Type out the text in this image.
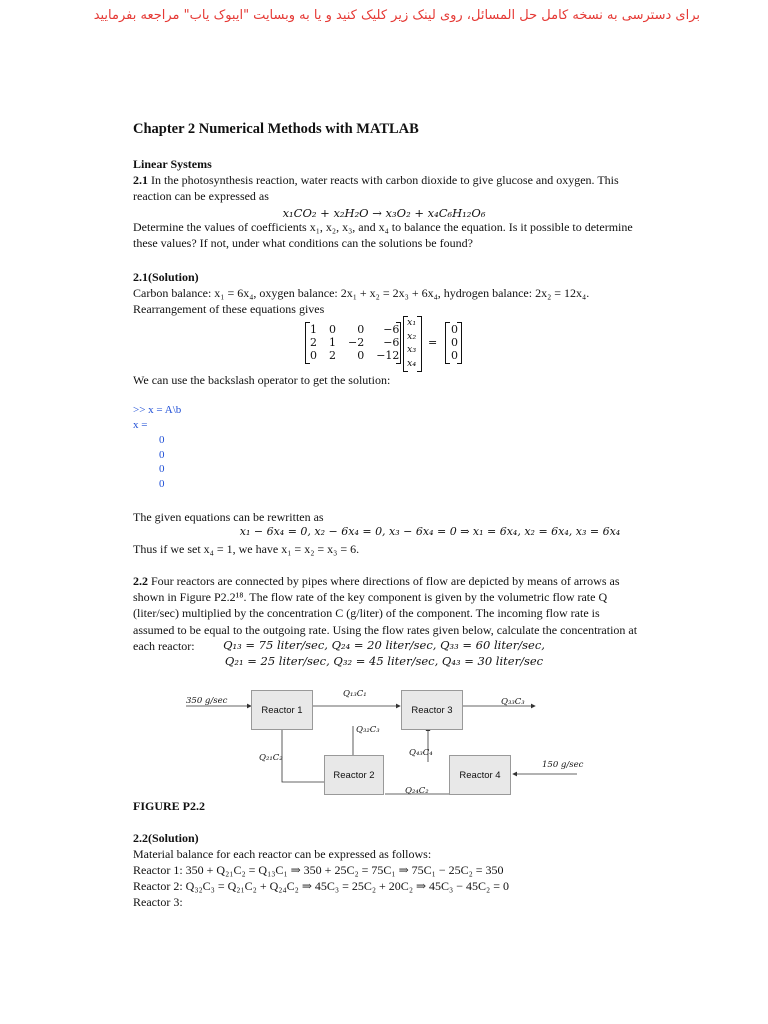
برای دسترسی به نسخه کامل حل المسائل، روی لینک زیر کلیک کنید و یا به وبسایت "ایبوک یاب" مراجعه بفرمایید
Chapter 2 Numerical Methods with MATLAB
Linear Systems
2.1 In the photosynthesis reaction, water reacts with carbon dioxide to give glucose and oxygen. This reaction can be expressed as
x₁CO₂ + x₂H₂O → x₃O₂ + x₄C₆H₁₂O₆
Determine the values of coefficients x₁, x₂, x₃, and x₄ to balance the equation. Is it possible to determine these values? If not, under what conditions can the solutions be found?
2.1(Solution)
Carbon balance: x₁ = 6x₄, oxygen balance: 2x₁ + x₂ = 2x₃ + 6x₄, hydrogen balance: 2x₂ = 12x₄.
Rearrangement of these equations gives
1	0	0	−6
2	1	−2	−6
0	2	0	−12
x₁
x₂
x₃
x₄
=
0
0
0
We can use the backslash operator to get the solution:
>> x = A\b
x =
0
0
0
0
The given equations can be rewritten as
x₁ − 6x₄ = 0, x₂ − 6x₄ = 0, x₃ − 6x₄ = 0 ⇒ x₁ = 6x₄, x₂ = 6x₄, x₃ = 6x₄
Thus if we set x₄ = 1, we have x₁ = x₂ = x₃ = 6.
2.2 Four reactors are connected by pipes where directions of flow are depicted by means of arrows as shown in Figure P2.2¹⁸. The flow rate of the key component is given by the volumetric flow rate Q (liter/sec) multiplied by the concentration C (g/liter) of the component. The incoming flow rate is assumed to be equal to the outgoing rate. Using the flow rates given below, calculate the concentration at each reactor:	Q₁₃ = 75 liter/sec, Q₂₄ = 20 liter/sec, Q₃₃ = 60 liter/sec,
Q₂₁ = 25 liter/sec, Q₃₂ = 45 liter/sec, Q₄₃ = 30 liter/sec
Reactor 1	Reactor 3
Reactor 2	Reactor 4
350 g/sec
Q₁₃C₁
Q₃₃C₃
Q₃₂C₃
Q₂₁C₂	Q₄₃C₄
150 g/sec
Q₂₄C₂
FIGURE P2.2
2.2(Solution)
Material balance for each reactor can be expressed as follows:
Reactor 1: 350 + Q₂₁C₂ = Q₁₃C₁ ⇒ 350 + 25C₂ = 75C₁ ⇒ 75C₁ − 25C₂ = 350
Reactor 2: Q₃₂C₃ = Q₂₁C₂ + Q₂₄C₂ ⇒ 45C₃ = 25C₂ + 20C₂ ⇒ 45C₃ − 45C₂ = 0
Reactor 3:
